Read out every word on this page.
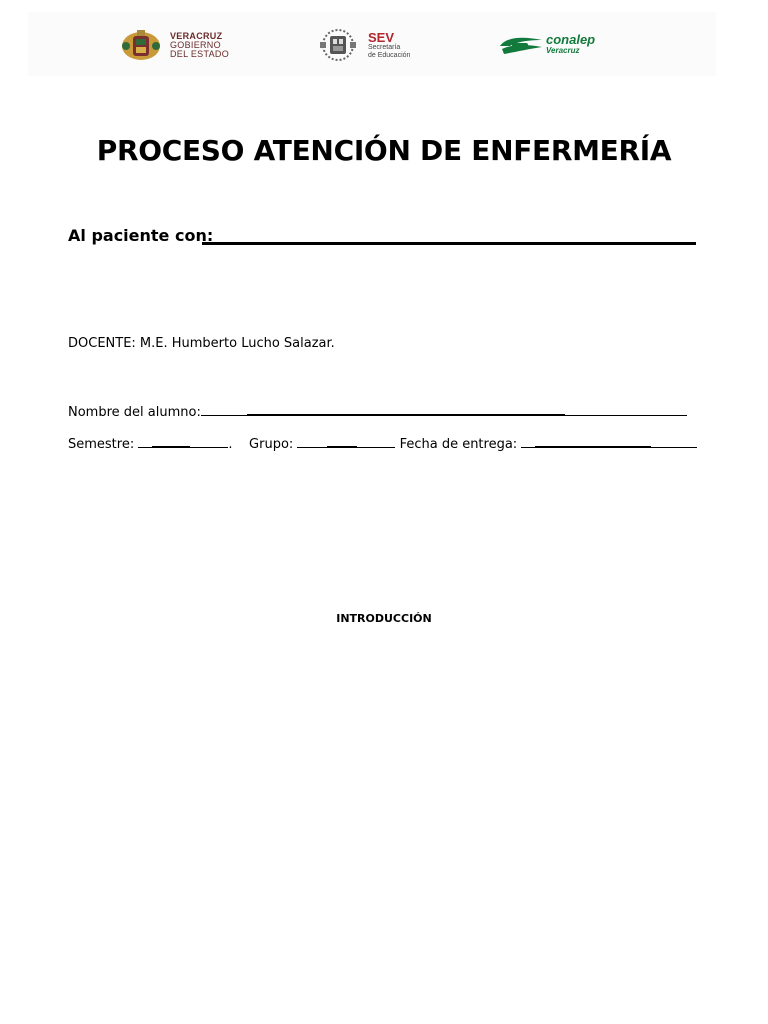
VERACRUZ
GOBIERNO
DEL ESTADO
SEV
Secretaría
de Educación
conalep
Veracruz
PROCESO ATENCIÓN DE ENFERMERÍA
Al paciente con:
DOCENTE: M.E. Humberto Lucho Salazar.
Nombre del alumno:
Semestre:	. Grupo:	Fecha de entrega:
INTRODUCCIÓN
